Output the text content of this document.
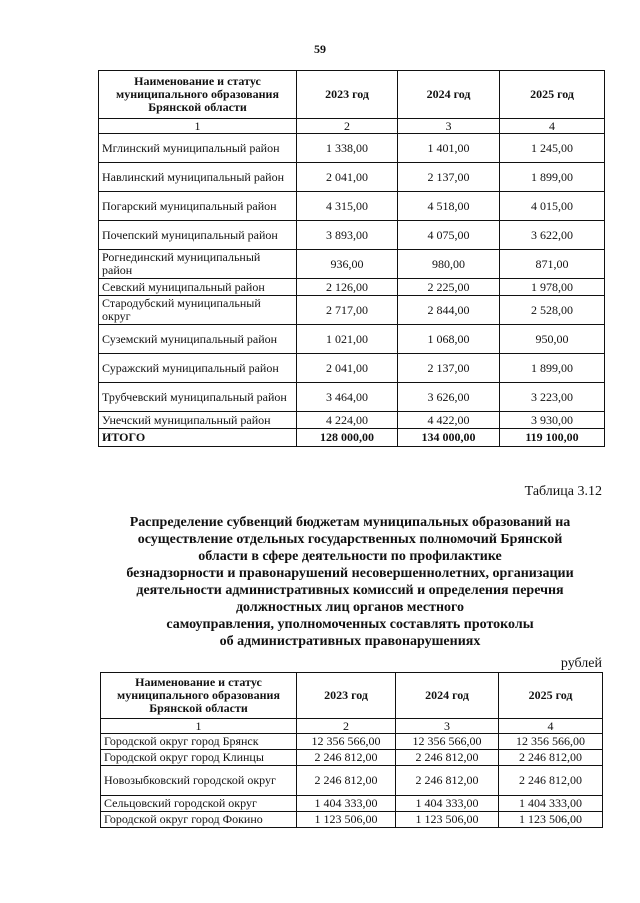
59
Наименование и статус муниципального образования Брянской области	2023 год	2024 год	2025 год
1	2	3	4
Мглинский муниципальный район	1 338,00	1 401,00	1 245,00
Навлинский муниципальный район	2 041,00	2 137,00	1 899,00
Погарский муниципальный район	4 315,00	4 518,00	4 015,00
Почепский муниципальный район	3 893,00	4 075,00	3 622,00
Рогнединский муниципальный район	936,00	980,00	871,00
Севский муниципальный район	2 126,00	2 225,00	1 978,00
Стародубский муниципальный округ	2 717,00	2 844,00	2 528,00
Суземский муниципальный район	1 021,00	1 068,00	950,00
Суражский муниципальный район	2 041,00	2 137,00	1 899,00
Трубчевский муниципальный район	3 464,00	3 626,00	3 223,00
Унечский муниципальный район	4 224,00	4 422,00	3 930,00
ИТОГО	128 000,00	134 000,00	119 100,00
Таблица 3.12
Распределение субвенций бюджетам муниципальных образований на
осуществление отдельных государственных полномочий Брянской
области в сфере деятельности по профилактике
безнадзорности и правонарушений несовершеннолетних, организации
деятельности административных комиссий и определения перечня
должностных лиц органов местного
самоуправления, уполномоченных составлять протоколы
об административных правонарушениях
рублей
Наименование и статус муниципального образования Брянской области	2023 год	2024 год	2025 год
1	2	3	4
Городской округ город Брянск	12 356 566,00	12 356 566,00	12 356 566,00
Городской округ город Клинцы	2 246 812,00	2 246 812,00	2 246 812,00
Новозыбковский городской округ	2 246 812,00	2 246 812,00	2 246 812,00
Сельцовский городской округ	1 404 333,00	1 404 333,00	1 404 333,00
Городской округ город Фокино	1 123 506,00	1 123 506,00	1 123 506,00
